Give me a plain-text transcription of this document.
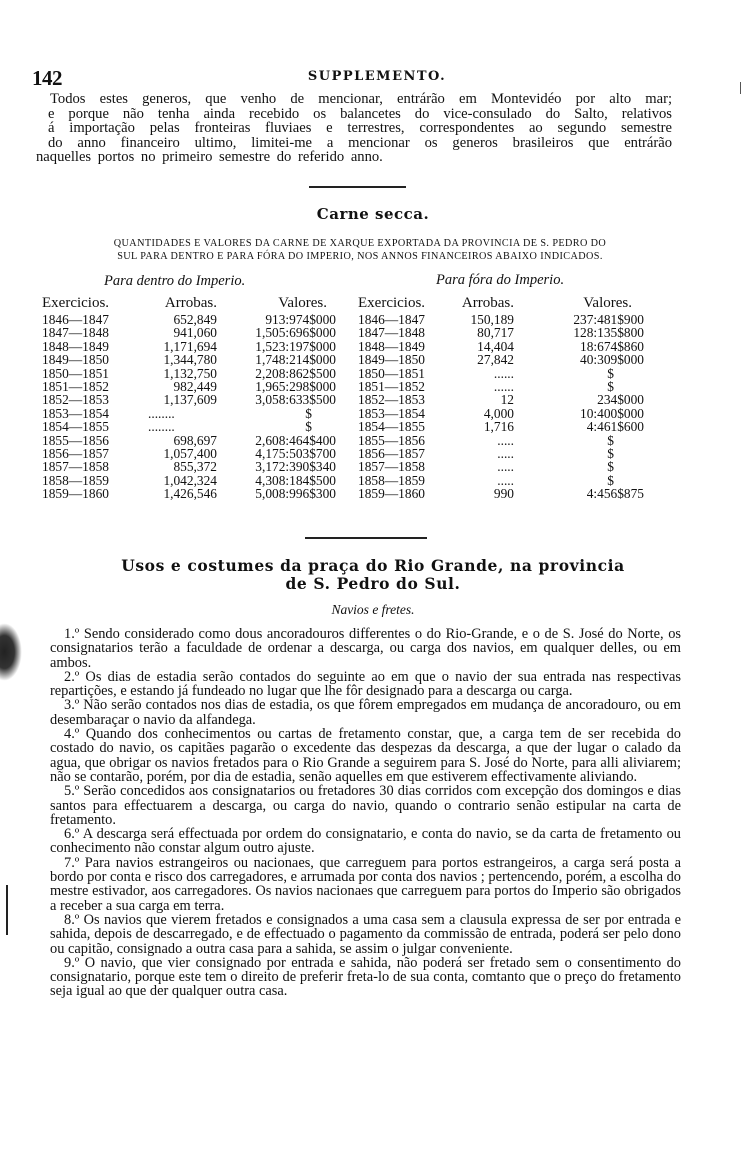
142	SUPPLEMENTO.
Todos estes generos, que venho de mencionar, entrárão em Montevidéo por alto mar;
e porque não tenha ainda recebido os balancetes do vice-consulado do Salto, relativos
á importação pelas fronteiras fluviaes e terrestres, correspondentes ao segundo semestre
do anno financeiro ultimo, limitei-me a mencionar os generos brasileiros que entrárão
naquelles portos no primeiro semestre do referido anno.
Carne secca.
QUANTIDADES E VALORES DA CARNE DE XARQUE EXPORTADA DA PROVINCIA DE S. PEDRO DO
SUL PARA DENTRO E PARA FÓRA DO IMPERIO, NOS ANNOS FINANCEIROS ABAIXO INDICADOS.
Para dentro do Imperio.	Para fóra do Imperio.
Exercicios.	Arrobas.	Valores.
1846—1847	652,849	913:974$000
1847—1848	941,060	1,505:696$000
1848—1849	1,171,694	1,523:197$000
1849—1850	1,344,780	1,748:214$000
1850—1851	1,132,750	2,208:862$500
1851—1852	982,449	1,965:298$000
1852—1853	1,137,609	3,058:633$500
1853—1854	........	$
1854—1855	........	$
1855—1856	698,697	2,608:464$400
1856—1857	1,057,400	4,175:503$700
1857—1858	855,372	3,172:390$340
1858—1859	1,042,324	4,308:184$500
1859—1860	1,426,546	5,008:996$300
Exercicios.	Arrobas.	Valores.
1846—1847	150,189	237:481$900
1847—1848	80,717	128:135$800
1848—1849	14,404	18:674$860
1849—1850	27,842	40:309$000
1850—1851	......	$
1851—1852	......	$
1852—1853	12	234$000
1853—1854	4,000	10:400$000
1854—1855	1,716	4:461$600
1855—1856	.....	$
1856—1857	.....	$
1857—1858	.....	$
1858—1859	.....	$
1859—1860	990	4:456$875
Usos e costumes da praça do Rio Grande, na provincia
de S. Pedro do Sul.
Navios e fretes.

1.º Sendo considerado como dous ancoradouros differentes o do Rio-Grande, e o de S. José do Norte, os consignatarios terão a faculdade de ordenar a descarga, ou carga dos navios, em qualquer delles, ou em ambos.

2.º Os dias de estadia serão contados do seguinte ao em que o navio der sua entrada nas respectivas repartições, e estando já fundeado no lugar que lhe fôr designado para a descarga ou carga.

3.º Não serão contados nos dias de estadia, os que fôrem empregados em mudança de ancoradouro, ou em desembaraçar o navio da alfandega.

4.º Quando dos conhecimentos ou cartas de fretamento constar, que, a carga tem de ser recebida do costado do navio, os capitães pagarão o excedente das despezas da descarga, a que der lugar o calado da agua, que obrigar os navios fretados para o Rio Grande a seguirem para S. José do Norte, para alli aliviarem; não se contarão, porém, por dia de estadia, senão aquelles em que estiverem effectivamente aliviando.

5.º Serão concedidos aos consignatarios ou fretadores 30 dias corridos com excepção dos domingos e dias santos para effectuarem a descarga, ou carga do navio, quando o contrario senão estipular na carta de fretamento.

6.º A descarga será effectuada por ordem do consignatario, e conta do navio, se da carta de fretamento ou conhecimento não constar algum outro ajuste.

7.º Para navios estrangeiros ou nacionaes, que carreguem para portos estrangeiros, a carga será posta a bordo por conta e risco dos carregadores, e arrumada por conta dos navios ; pertencendo, porém, a escolha do mestre estivador, aos carregadores. Os navios nacionaes que carreguem para portos do Imperio são obrigados a receber a sua carga em terra.

8.º Os navios que vierem fretados e consignados a uma casa sem a clausula expressa de ser por entrada e sahida, depois de descarregado, e de effectuado o pagamento da commissão de entrada, poderá ser pelo dono ou capitão, consignado a outra casa para a sahida, se assim o julgar conveniente.

9.º O navio, que vier consignado por entrada e sahida, não poderá ser fretado sem o consentimento do consignatario, porque este tem o direito de preferir freta-lo de sua conta, comtanto que o preço do fretamento seja igual ao que der qualquer outra casa.
